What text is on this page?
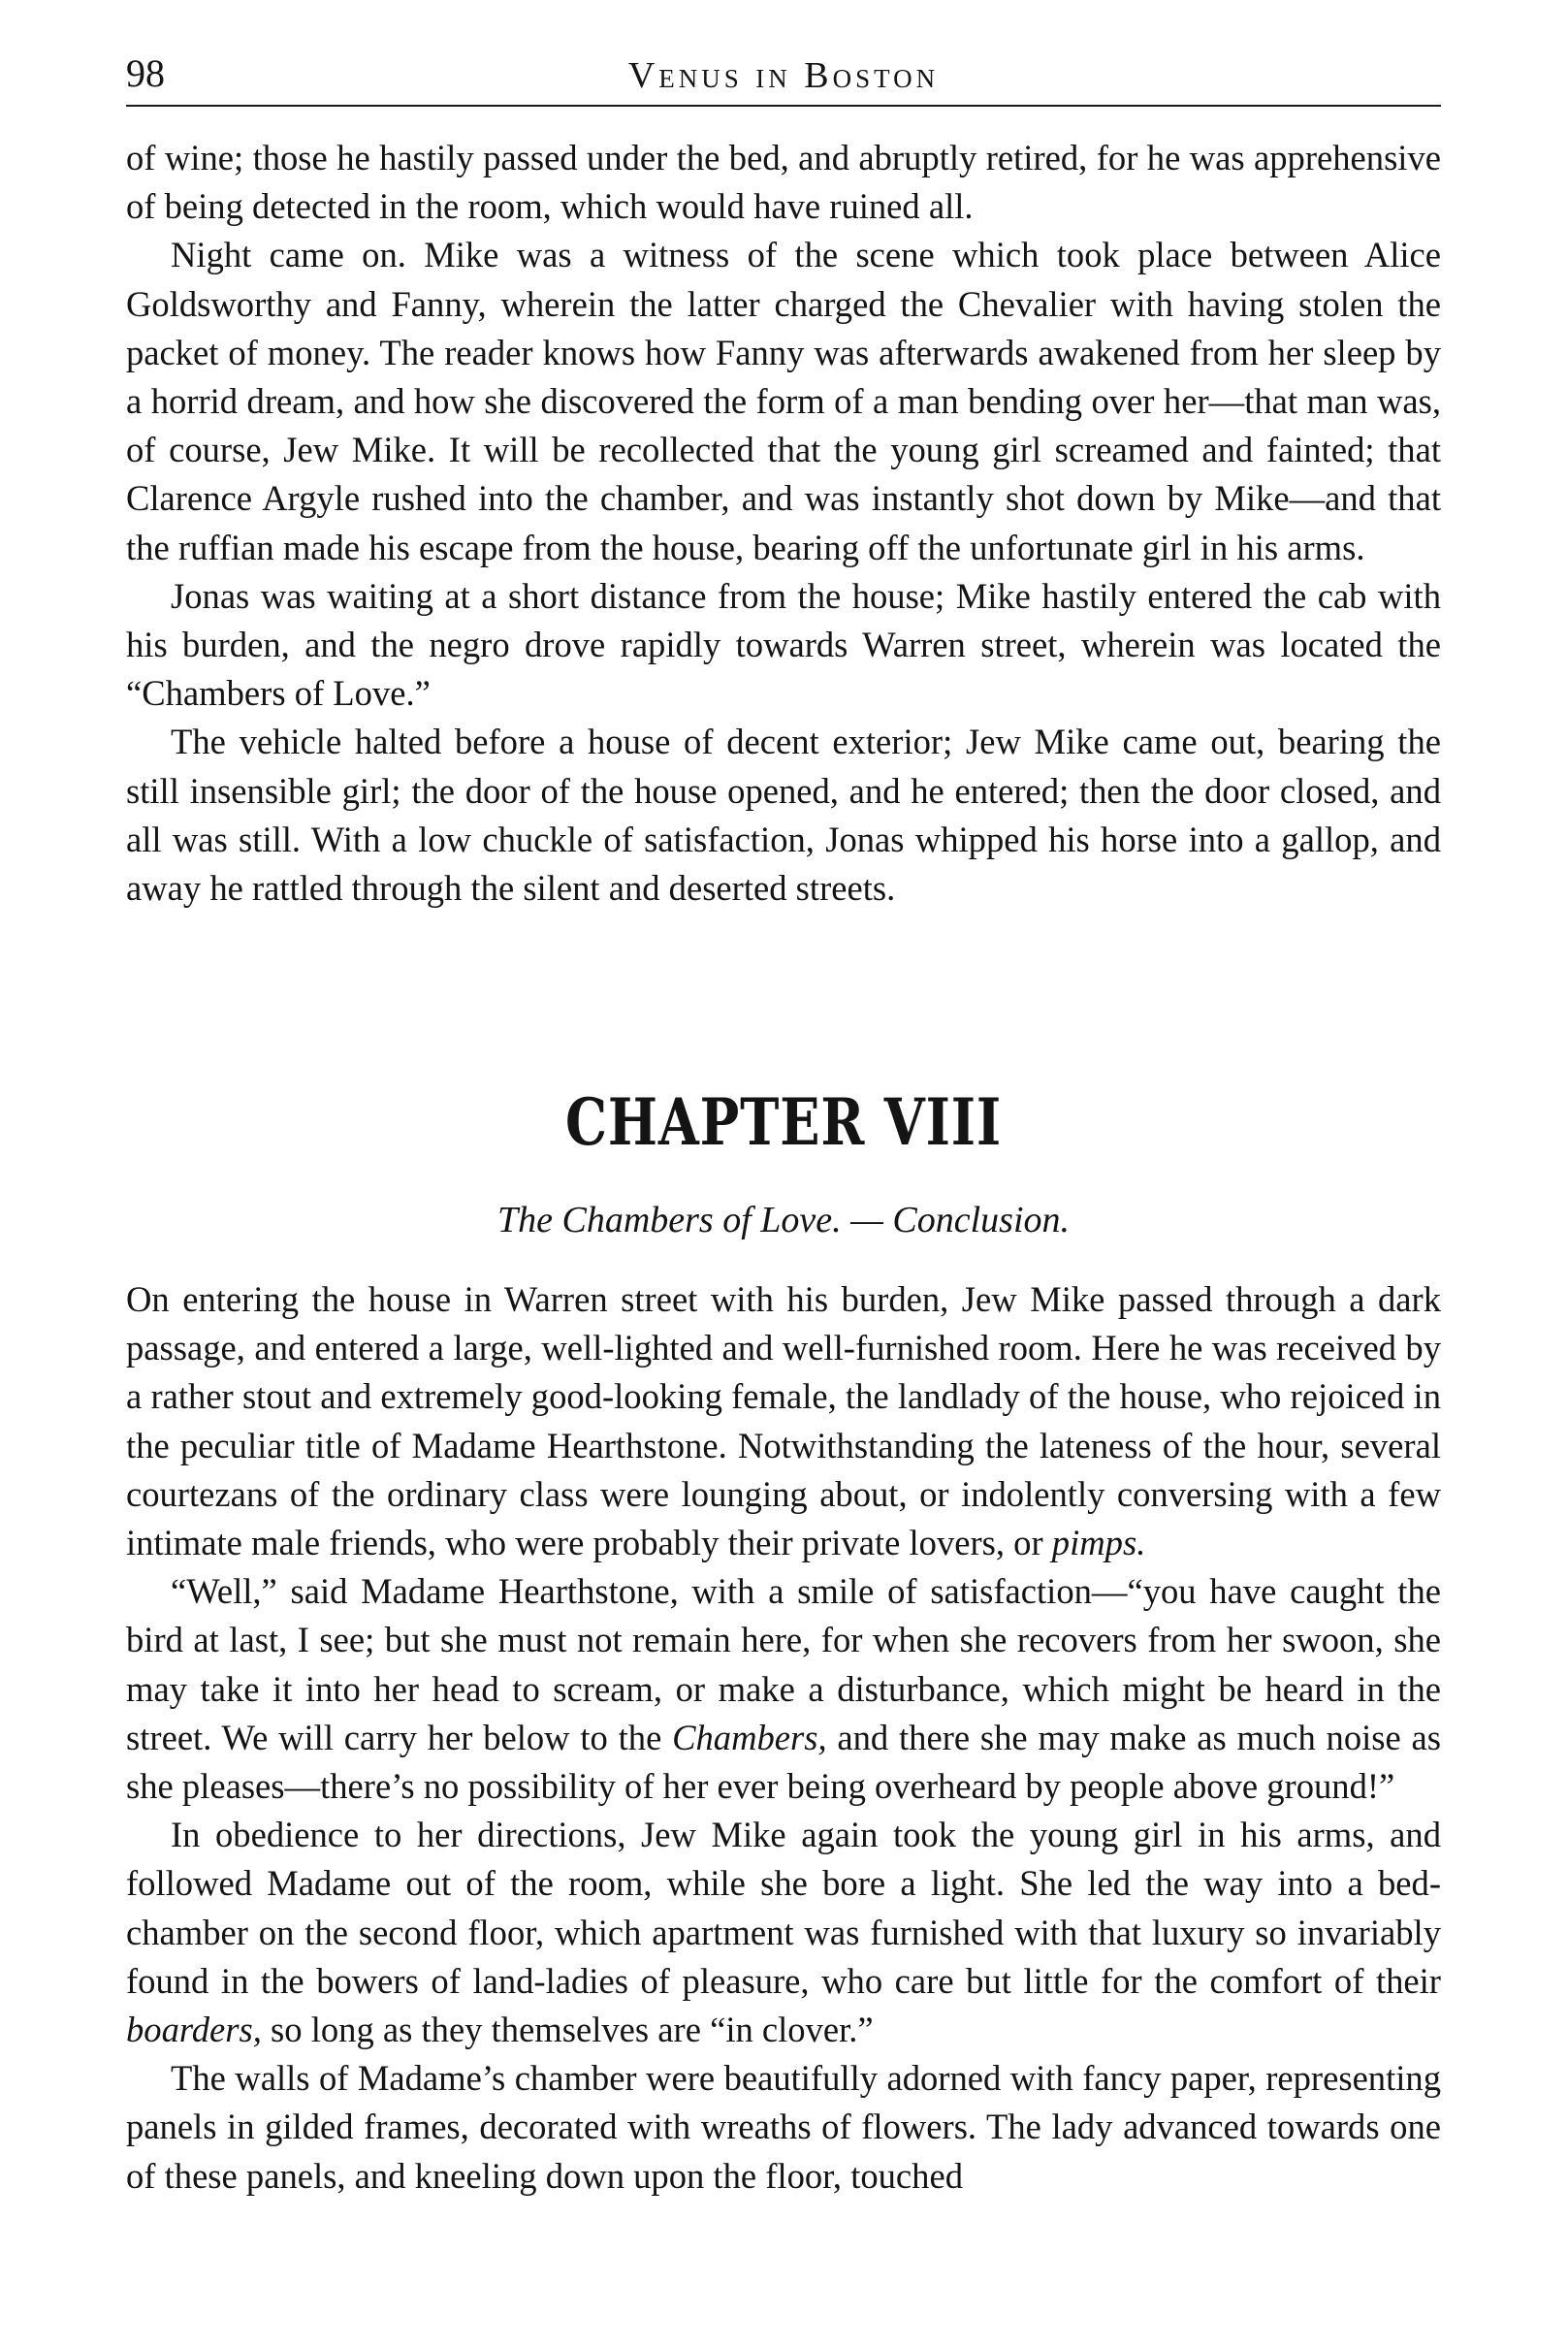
98	Venus in Boston

of wine; those he hastily passed under the bed, and abruptly retired, for he was apprehensive of being detected in the room, which would have ruined all.

Night came on. Mike was a witness of the scene which took place between Alice Goldsworthy and Fanny, wherein the latter charged the Chevalier with having stolen the packet of money. The reader knows how Fanny was afterwards awakened from her sleep by a horrid dream, and how she discovered the form of a man bending over her—that man was, of course, Jew Mike. It will be recollected that the young girl screamed and fainted; that Clarence Argyle rushed into the chamber, and was instantly shot down by Mike—and that the ruffian made his escape from the house, bearing off the unfortunate girl in his arms.

Jonas was waiting at a short distance from the house; Mike hastily entered the cab with his burden, and the negro drove rapidly towards Warren street, wherein was located the “Chambers of Love.”

The vehicle halted before a house of decent exterior; Jew Mike came out, bearing the still insensible girl; the door of the house opened, and he entered; then the door closed, and all was still. With a low chuckle of satisfaction, Jonas whipped his horse into a gallop, and away he rattled through the silent and deserted streets.

CHAPTER VIII
The Chambers of Love. — Conclusion.

On entering the house in Warren street with his burden, Jew Mike passed through a dark passage, and entered a large, well-lighted and well-furnished room. Here he was received by a rather stout and extremely good-looking female, the landlady of the house, who rejoiced in the peculiar title of Madame Hearthstone. Notwithstanding the lateness of the hour, several courtezans of the ordinary class were lounging about, or indolently conversing with a few intimate male friends, who were probably their private lovers, or pimps.

“Well,” said Madame Hearthstone, with a smile of satisfaction—“you have caught the bird at last, I see; but she must not remain here, for when she recovers from her swoon, she may take it into her head to scream, or make a disturbance, which might be heard in the street. We will carry her below to the Chambers, and there she may make as much noise as she pleases—there’s no possibility of her ever being overheard by people above ground!”

In obedience to her directions, Jew Mike again took the young girl in his arms, and followed Madame out of the room, while she bore a light. She led the way into a bed-chamber on the second floor, which apartment was furnished with that luxury so invariably found in the bowers of land-ladies of pleasure, who care but little for the comfort of their boarders, so long as they themselves are “in clover.”

The walls of Madame’s chamber were beautifully adorned with fancy paper, representing panels in gilded frames, decorated with wreaths of flowers. The lady advanced towards one of these panels, and kneeling down upon the floor, touched
